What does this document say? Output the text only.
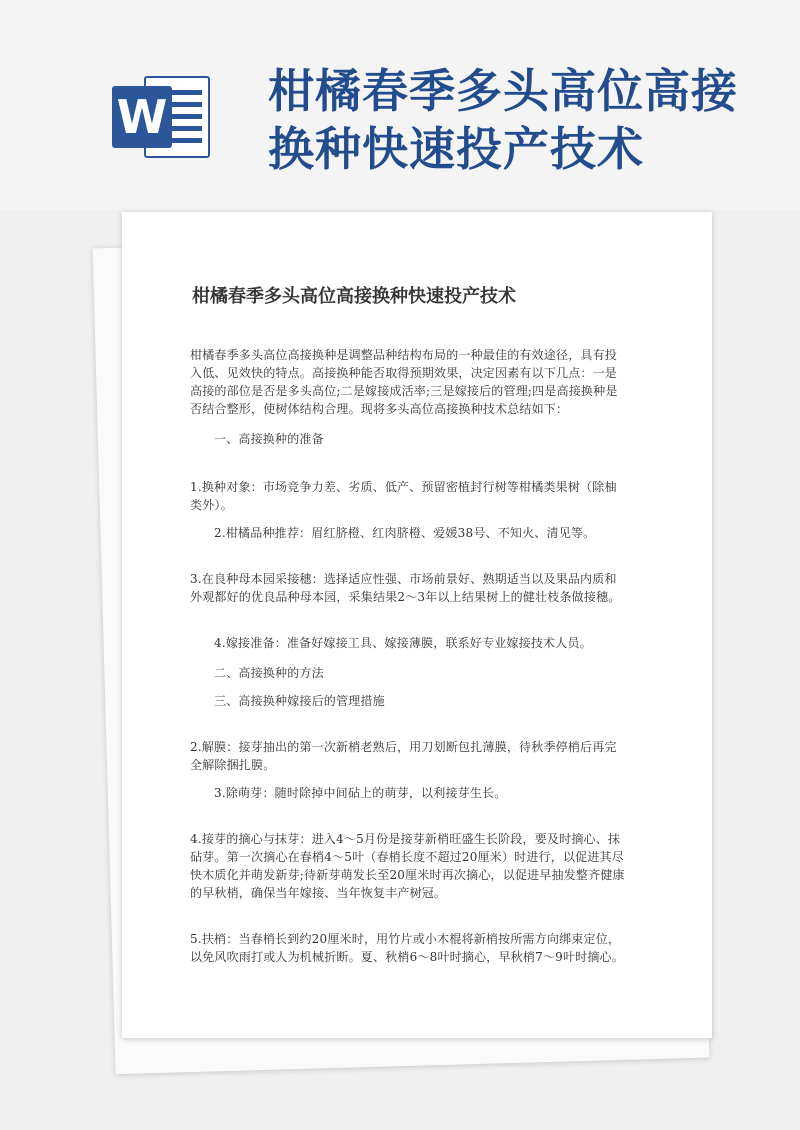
W 柑橘春季多头高位高接换种快速投产技术
柑橘春季多头高位高接换种快速投产技术

柑橘春季多头高位高接换种是调整品种结构布局的一种最佳的有效途径，具有投入低、见效快的特点。高接换种能否取得预期效果，决定因素有以下几点：一是高接的部位是否是多头高位;二是嫁接成活率;三是嫁接后的管理;四是高接换种是否结合整形，使树体结构合理。现将多头高位高接换种技术总结如下：

一、高接换种的准备

1.换种对象：市场竞争力差、劣质、低产、预留密植封行树等柑橘类果树（除柚类外）。

2.柑橘品种推荐：眉红脐橙、红肉脐橙、爱媛38号、不知火、清见等。

3.在良种母本园采接穗：选择适应性强、市场前景好、熟期适当以及果品内质和外观都好的优良品种母本园，采集结果2～3年以上结果树上的健壮枝条做接穗。

4.嫁接准备：准备好嫁接工具、嫁接薄膜，联系好专业嫁接技术人员。

二、高接换种的方法

三、高接换种嫁接后的管理措施

2.解膜：接芽抽出的第一次新梢老熟后，用刀划断包扎薄膜，待秋季停梢后再完全解除捆扎膜。

3.除萌芽：随时除掉中间砧上的萌芽，以利接芽生长。

4.接芽的摘心与抹芽：进入4～5月份是接芽新梢旺盛生长阶段，要及时摘心、抹砧芽。第一次摘心在春梢4～5叶（春梢长度不超过20厘米）时进行，以促进其尽快木质化并萌发新芽;待新芽萌发长至20厘米时再次摘心，以促进早抽发整齐健康的早秋梢，确保当年嫁接、当年恢复丰产树冠。

5.扶梢：当春梢长到约20厘米时，用竹片或小木棍将新梢按所需方向绑束定位，以免风吹雨打或人为机械折断。夏、秋梢6～8叶时摘心，早秋梢7～9叶时摘心。
